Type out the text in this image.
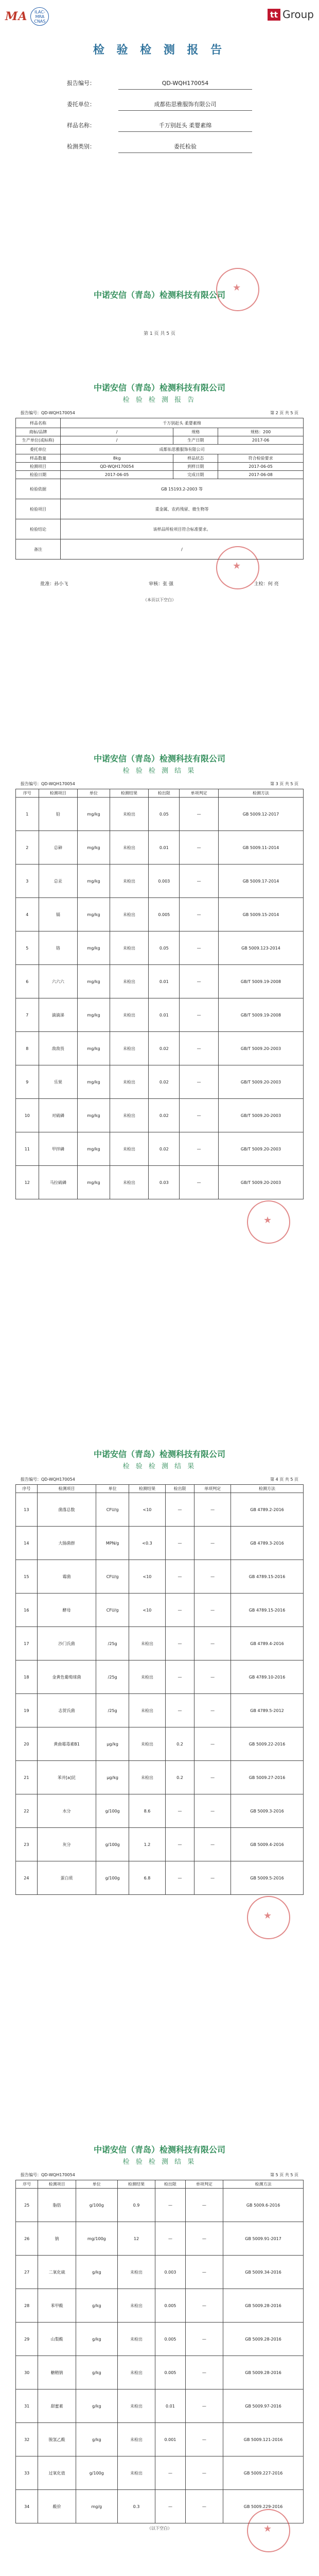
MA	ILAC-MRA CNAS
tt Group
检 验 检 测 报 告
报告编号：	QD-WQH170054
委托单位：	成都佑思雅服饰有限公司
样品名称：	千万别赶头 柔婴素绵
检测类别：	委托检验
中诺安信（青岛）检测科技有限公司
★
第 1 页 共 5 页
中诺安信（青岛）检测科技有限公司
检 验 检 测 报 告
报告编号：QD-WQH170054	第 2 页 共 5 页
样品名称	千万别赶头 柔婴素绵		
商标/品牌	/	规格	规格：200
生产单位(或标称)	/	生产日期	2017-06
委托单位	成都佑思雅服饰有限公司		
样品数量	8kg	样品状态	符合检验要求
检测项目	QD-WQH170054	到样日期	2017-06-05
检验日期	2017-06-05	完成日期	2017-06-08
检验依据	GB 15193.2-2003 等		
检验项目	重金属、农药残留、微生物等		
检验结论	该样品所检项目符合标准要求。		
备注	/		
★
批准：孙小飞	审核：张 强	主检：何 亮
（本页以下空白）
中诺安信（青岛）检测科技有限公司
检 验 检 测 结 果
报告编号：QD-WQH170054	第 3 页 共 5 页
序号	检测项目	单位	检测结果	检出限	单项判定	检测方法
1	铅	mg/kg	未检出	0.05	—	GB 5009.12-2017
2	总砷	mg/kg	未检出	0.01	—	GB 5009.11-2014
3	总汞	mg/kg	未检出	0.003	—	GB 5009.17-2014
4	镉	mg/kg	未检出	0.005	—	GB 5009.15-2014
5	铬	mg/kg	未检出	0.05	—	GB 5009.123-2014
6	六六六	mg/kg	未检出	0.01	—	GB/T 5009.19-2008
7	滴滴涕	mg/kg	未检出	0.01	—	GB/T 5009.19-2008
8	敌敌畏	mg/kg	未检出	0.02	—	GB/T 5009.20-2003
9	乐果	mg/kg	未检出	0.02	—	GB/T 5009.20-2003
10	对硫磷	mg/kg	未检出	0.02	—	GB/T 5009.20-2003
11	甲拌磷	mg/kg	未检出	0.02	—	GB/T 5009.20-2003
12	马拉硫磷	mg/kg	未检出	0.03	—	GB/T 5009.20-2003
★
中诺安信（青岛）检测科技有限公司
检 验 检 测 结 果
报告编号：QD-WQH170054	第 4 页 共 5 页
序号	检测项目	单位	检测结果	检出限	单项判定	检测方法
13	菌落总数	CFU/g	<10	—	—	GB 4789.2-2016
14	大肠菌群	MPN/g	<0.3	—	—	GB 4789.3-2016
15	霉菌	CFU/g	<10	—	—	GB 4789.15-2016
16	酵母	CFU/g	<10	—	—	GB 4789.15-2016
17	沙门氏菌	/25g	未检出	—	—	GB 4789.4-2016
18	金黄色葡萄球菌	/25g	未检出	—	—	GB 4789.10-2016
19	志贺氏菌	/25g	未检出	—	—	GB 4789.5-2012
20	黄曲霉毒素B1	μg/kg	未检出	0.2	—	GB 5009.22-2016
21	苯并[a]芘	μg/kg	未检出	0.2	—	GB 5009.27-2016
22	水分	g/100g	8.6	—	—	GB 5009.3-2016
23	灰分	g/100g	1.2	—	—	GB 5009.4-2016
24	蛋白质	g/100g	6.8	—	—	GB 5009.5-2016
★
中诺安信（青岛）检测科技有限公司
检 验 检 测 结 果
报告编号：QD-WQH170054	第 5 页 共 5 页
序号	检测项目	单位	检测结果	检出限	单项判定	检测方法
25	脂肪	g/100g	0.9	—	—	GB 5009.6-2016
26	钠	mg/100g	12	—	—	GB 5009.91-2017
27	二氧化硫	g/kg	未检出	0.003	—	GB 5009.34-2016
28	苯甲酸	g/kg	未检出	0.005	—	GB 5009.28-2016
29	山梨酸	g/kg	未检出	0.005	—	GB 5009.28-2016
30	糖精钠	g/kg	未检出	0.005	—	GB 5009.28-2016
31	甜蜜素	g/kg	未检出	0.01	—	GB 5009.97-2016
32	脱氢乙酸	g/kg	未检出	0.001	—	GB 5009.121-2016
33	过氧化值	g/100g	未检出	—	—	GB 5009.227-2016
34	酸价	mg/g	0.3	—	—	GB 5009.229-2016
（以下空白）
★
